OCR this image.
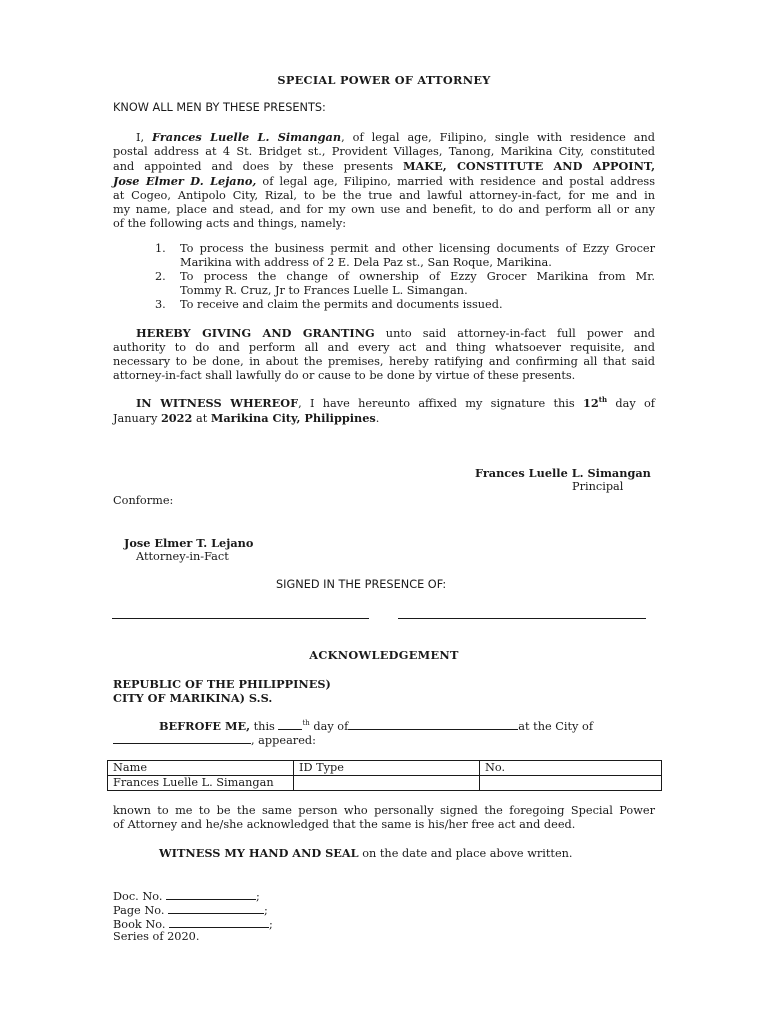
SPECIAL POWER OF ATTORNEY
KNOW ALL MEN BY THESE PRESENTS:
I, Frances Luelle L. Simangan, of legal age, Filipino, single with residence and
postal address at 4 St. Bridget st., Provident Villages, Tanong, Marikina City, constituted
and appointed and does by these presents MAKE, CONSTITUTE AND APPOINT,
Jose Elmer D. Lejano, of legal age, Filipino, married with residence and postal address
at Cogeo, Antipolo City, Rizal, to be the true and lawful attorney-in-fact, for me and in
my name, place and stead, and for my own use and benefit, to do and perform all or any
of the following acts and things, namely:
1. To process the business permit and other licensing documents of Ezzy Grocer
Marikina with address of 2 E. Dela Paz st., San Roque, Marikina.
2. To process the change of ownership of Ezzy Grocer Marikina from Mr.
Tommy R. Cruz, Jr to Frances Luelle L. Simangan.
3. To receive and claim the permits and documents issued.
HEREBY GIVING AND GRANTING unto said attorney-in-fact full power and
authority to do and perform all and every act and thing whatsoever requisite, and
necessary to be done, in about the premises, hereby ratifying and confirming all that said
attorney-in-fact shall lawfully do or cause to be done by virtue of these presents.
IN WITNESS WHEREOF, I have hereunto affixed my signature this 12th day of
January 2022 at Marikina City, Philippines.
Frances Luelle L. Simangan
Principal
Conforme:
Jose Elmer T. Lejano
Attorney-in-Fact
SIGNED IN THE PRESENCE OF:
ACKNOWLEDGEMENT
REPUBLIC OF THE PHILIPPINES)
CITY OF MARIKINA) S.S.
BEFROFE ME, this	$^{th}$ day of	at the City of
, appeared:
Name	ID Type	No.
Frances Luelle L. Simangan		
known to me to be the same person who personally signed the foregoing Special Power
of Attorney and he/she acknowledged that the same is his/her free act and deed.
WITNESS MY HAND AND SEAL on the date and place above written.
Doc. No.	;
Page No.	;
Book No.	;
Series of 2020.
